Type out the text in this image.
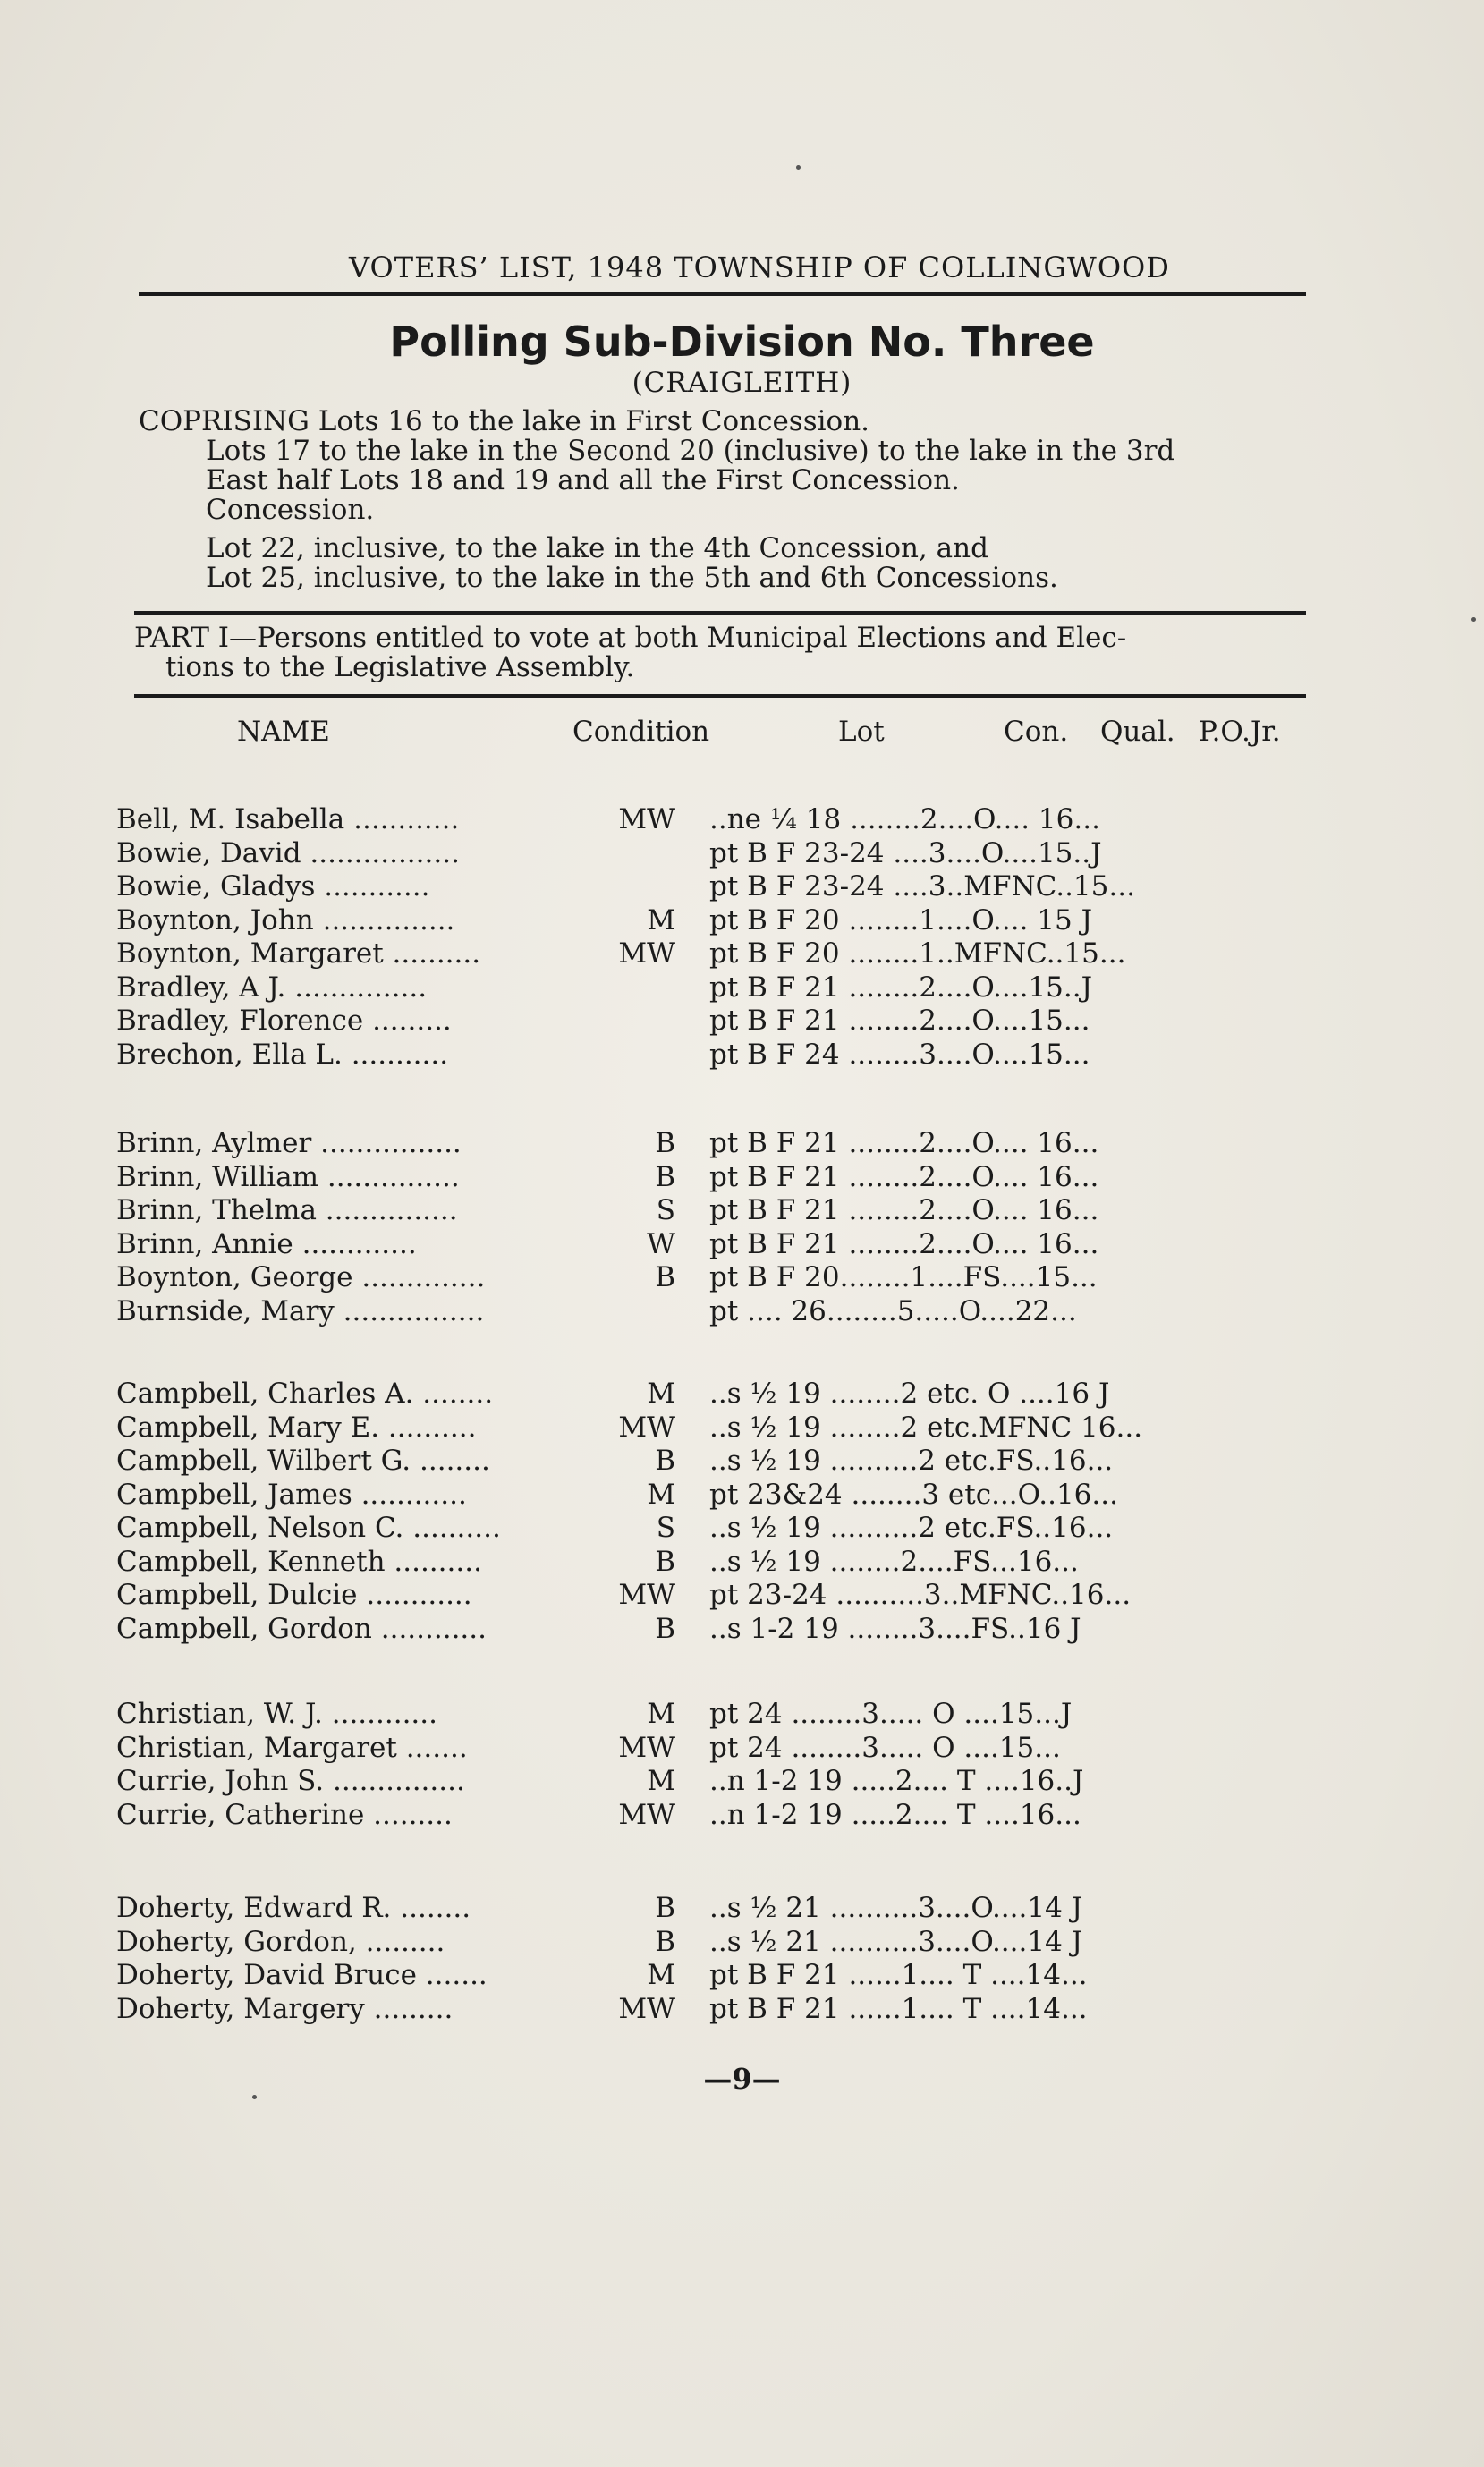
VOTERS’ LIST, 1948 TOWNSHIP OF COLLINGWOOD
Polling Sub-Division No. Three
(CRAIGLEITH)

COPRISING Lots 16 to the lake in First Concession.

Lots 17 to the lake in the Second 20 (inclusive) to the lake in the 3rd

East half Lots 18 and 19 and all the First Concession.

Concession.

Lot 22, inclusive, to the lake in the 4th Concession, and

Lot 25, inclusive, to the lake in the 5th and 6th Concessions.

PART I—Persons entitled to vote at both Municipal Elections and Elec-
tions to the Legislative Assembly.
NAME	Condition	Lot	Con. Qual. P.O.Jr.
Bell, M. Isabella ............	MW ..ne ¼ 18 ........2....O.... 16...
Bowie, David .................	pt B F 23-24 ....3....O....15..J
Bowie, Gladys ............	pt B F 23-24 ....3..MFNC..15...
Boynton, John ...............	M pt B F 20 ........1....O.... 15 J
Boynton, Margaret ..........	MW pt B F 20 ........1..MFNC..15...
Bradley, A J. ...............	pt B F 21 ........2....O....15..J
Bradley, Florence .........	pt B F 21 ........2....O....15...
Brechon, Ella L. ...........	pt B F 24 ........3....O....15...
Brinn, Aylmer ................	B pt B F 21 ........2....O.... 16...
Brinn, William ...............	B pt B F 21 ........2....O.... 16...
Brinn, Thelma ...............	S pt B F 21 ........2....O.... 16...
Brinn, Annie .............	W pt B F 21 ........2....O.... 16...
Boynton, George ..............	B pt B F 20........1....FS....15...
Burnside, Mary ................	pt .... 26........5.....O....22...
Campbell, Charles A. ........	M ..s ½ 19 ........2 etc. O ....16 J
Campbell, Mary E. ..........	MW ..s ½ 19 ........2 etc.MFNC 16...
Campbell, Wilbert G. ........	B ..s ½ 19 ..........2 etc.FS..16...
Campbell, James ............	M pt 23&24 ........3 etc...O..16...
Campbell, Nelson C. ..........	S ..s ½ 19 ..........2 etc.FS..16...
Campbell, Kenneth ..........	B ..s ½ 19 ........2....FS...16...
Campbell, Dulcie ............	MW pt 23-24 ..........3..MFNC..16...
Campbell, Gordon ............	B ..s 1-2 19 ........3....FS..16 J
Christian, W. J. ............	M pt 24 ........3..... O ....15...J
Christian, Margaret .......	MW pt 24 ........3..... O ....15...
Currie, John S. ...............	M ..n 1-2 19 .....2.... T ....16..J
Currie, Catherine .........	MW ..n 1-2 19 .....2.... T ....16...
Doherty, Edward R. ........	B ..s ½ 21 ..........3....O....14 J
Doherty, Gordon, .........	B ..s ½ 21 ..........3....O....14 J
Doherty, David Bruce .......	M pt B F 21 ......1.... T ....14...
Doherty, Margery .........	MW pt B F 21 ......1.... T ....14...
—9—
